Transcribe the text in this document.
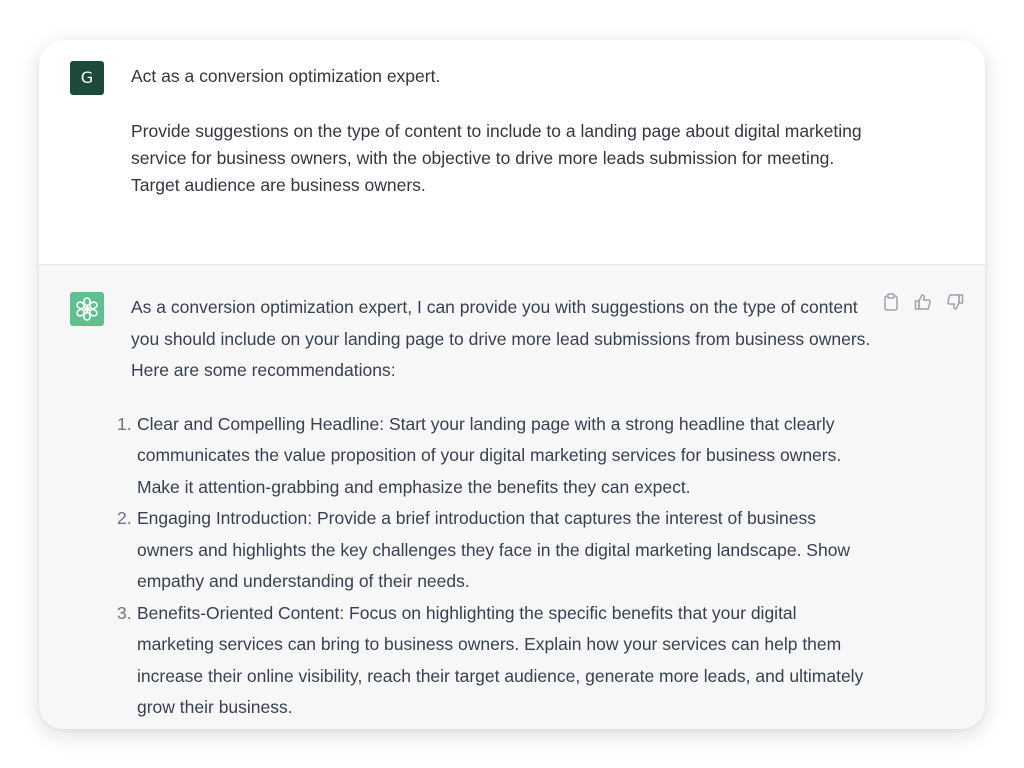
G	Act as a conversion optimization expert.

Provide suggestions on the type of content to include to a landing page about digital marketing service for business owners, with the objective to drive more leads submission for meeting.
Target audience are business owners.

As a conversion optimization expert, I can provide you with suggestions on the type of content you should include on your landing page to drive more lead submissions from business owners. Here are some recommendations:

1. Clear and Compelling Headline: Start your landing page with a strong headline that clearly communicates the value proposition of your digital marketing services for business owners. Make it attention-grabbing and emphasize the benefits they can expect.
2. Engaging Introduction: Provide a brief introduction that captures the interest of business owners and highlights the key challenges they face in the digital marketing landscape. Show empathy and understanding of their needs.
3. Benefits-Oriented Content: Focus on highlighting the specific benefits that your digital marketing services can bring to business owners. Explain how your services can help them increase their online visibility, reach their target audience, generate more leads, and ultimately grow their business.
